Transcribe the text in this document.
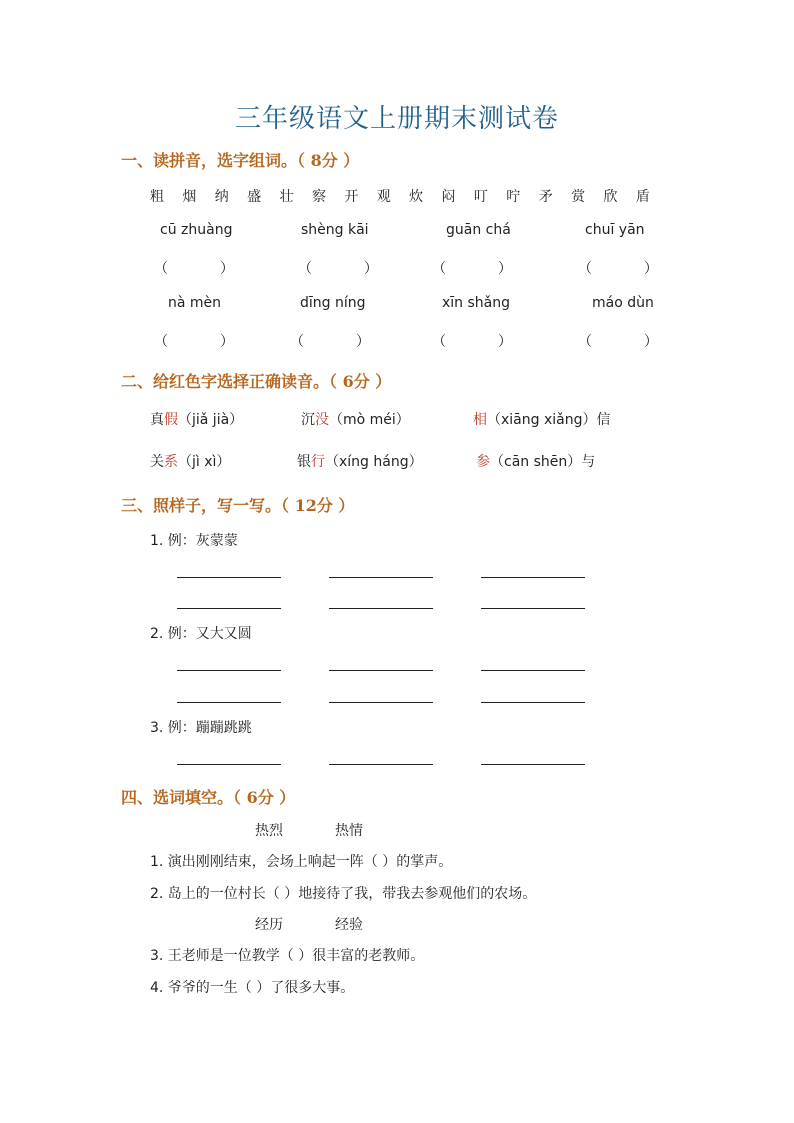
三年级语文上册期末测试卷
一、读拼音，选字组词。（ 8分 ）
粗 烟 纳 盛 壮 察 开 观 炊 闷 叮 咛 矛 赏 欣 盾
cū zhuàng	shèng kāi	guān chá	chuī yān
（	）	（	）	（	）	（	）
nà mèn	dīng níng	xīn shǎng	máo dùn
（	）	（	）	（	）	（	）
二、给红色字选择正确读音。（ 6分 ）
真假（jiǎ jià）	沉没（mò méi）	相（xiāng xiǎng）信
关系（jì xì）	银行（xíng háng）	参（cān shēn）与
三、照样子，写一写。（ 12分 ）
1. 例：灰蒙蒙
2. 例：又大又圆
3. 例：蹦蹦跳跳
四、选词填空。（ 6分 ）
热烈	热情
1. 演出刚刚结束，会场上响起一阵（ ）的掌声。
2. 岛上的一位村长（ ）地接待了我，带我去参观他们的农场。
经历	经验
3. 王老师是一位教学（ ）很丰富的老教师。
4. 爷爷的一生（ ）了很多大事。
